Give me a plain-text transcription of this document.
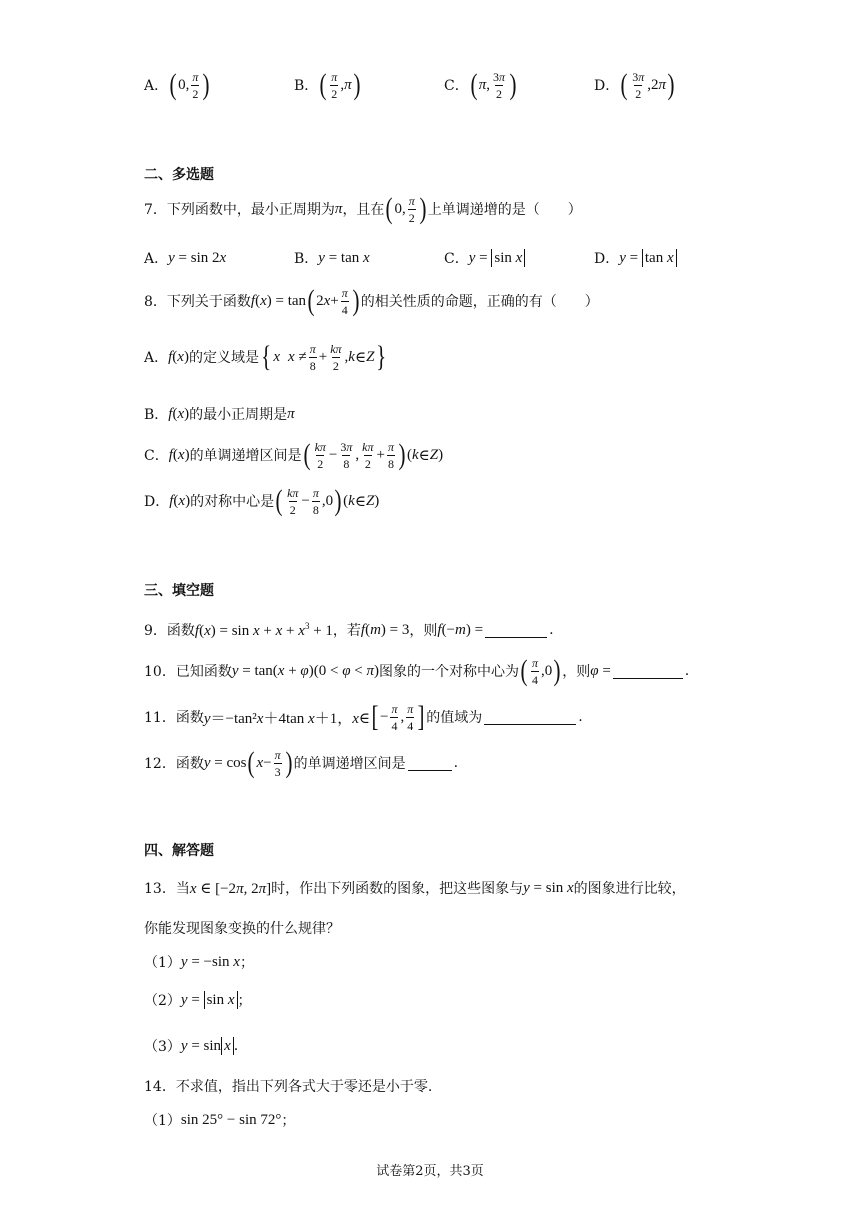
A． ( 0, $\frac{\pi}{2}$ )	B． ( $\frac{\pi}{2}$ , π )	C． ( π , $\frac{3\pi}{2}$ )	D． ( $\frac{3\pi}{2} ,2$ π )
二、多选题
7． 下列函数中，最小正周期为 π ，且在 ( 0, $\frac{\pi}{2}$ ) 上单调递增的是（　　）
A． y = sin 2x	B． y = tan x	C． y = sin x	D． y = tan x
8． 下列关于函数 f ( x ) = tan ( 2 $x + \frac{\pi}{4}$ ) 的相关性质的命题，正确的有（　　）
A． f(x) 的定义域是 { x $x \ne \frac{\pi}{8} + \frac{k\pi}{2}$ , k ∈ Z }
B． f(x) 的最小正周期是 π
C． f(x) 的单调递增区间是 ( $\frac{k\pi}{2} - \frac{3\pi}{8}$ , $\frac{k\pi}{2} + \frac{\pi}{8}$ ) ( k ∈ Z )
D． f(x) 的对称中心是 ( $\frac{k\pi}{2} - \frac{\pi}{8} ,0$ ) ( k ∈ Z )
三、填空题
9． 函数 $f(x) = \sin x + x + x^3 + 1$ ，若 f(m) = 3 ，则 f(−m) =	.
10． 已知函数 y = tan(x + φ)(0 < φ < π) 图象的一个对称中心为 ( $\frac{\pi}{4} ,0$ ) ，则 φ =	.
11． 函数 y＝−tan²x＋4tan x＋1，x∈ [ − $\frac{\pi}{4}$ , $\frac{\pi}{4}$ ] 的值域为	.
12． 函数 y = cos ( $x - \frac{\pi}{3}$ ) 的单调递增区间是	.
四、解答题
13． 当 x ∈ [−2π, 2π] 时，作出下列函数的图象，把这些图象与 y = sin x 的图象进行比较，
你能发现图象变换的什么规律？
（1） y = −sin x ；
（2） y = sin x ；
（3） y = sin x .
14． 不求值，指出下列各式大于零还是小于零.
（1） sin 25° − sin 72° ；
试卷第2页，共3页
